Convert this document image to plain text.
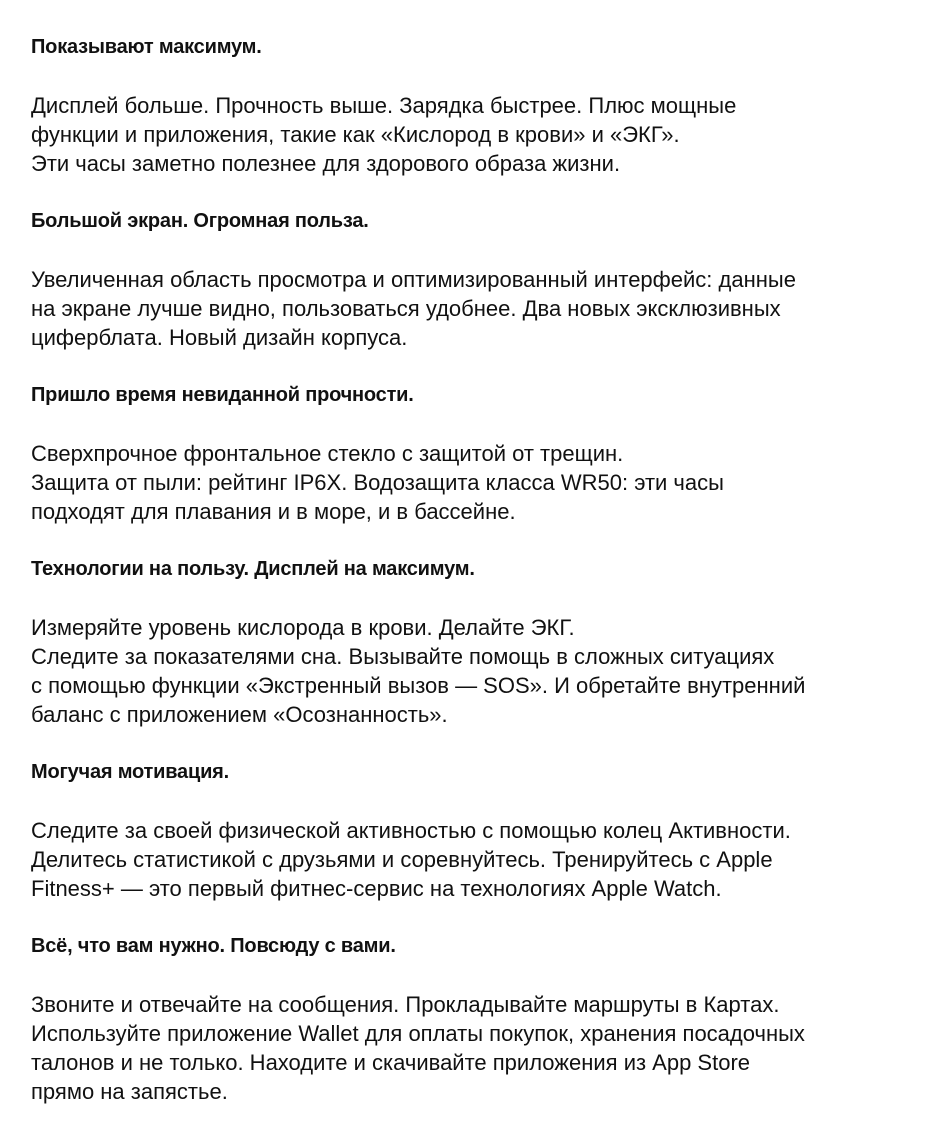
Показывают максимум.

Дисплей больше. Прочность выше. Зарядка быстрее. Плюс мощные
функции и приложения, такие как «Кислород в крови» и «ЭКГ».
Эти часы заметно полезнее для здорового образа жизни.

Большой экран. Огромная польза.

Увеличенная область просмотра и оптимизированный интерфейс: данные
на экране лучше видно, пользоваться удобнее. Два новых эксклюзивных
циферблата. Новый дизайн корпуса.

Пришло время невиданной прочности.

Сверхпрочное фронтальное стекло с защитой от трещин.
Защита от пыли: рейтинг IP6X. Водозащита класса WR50: эти часы
подходят для плавания и в море, и в бассейне.

Технологии на пользу. Дисплей на максимум.

Измеряйте уровень кислорода в крови. Делайте ЭКГ.
Следите за показателями сна. Вызывайте помощь в сложных ситуациях
с помощью функции «Экстренный вызов — SOS». И обретайте внутренний
баланс с приложением «Осознанность».

Могучая мотивация.

Следите за своей физической активностью с помощью колец Активности.
Делитесь статистикой с друзьями и соревнуйтесь. Тренируйтесь с Apple
Fitness+ — это первый фитнес-сервис на технологиях Apple Watch.

Всё, что вам нужно. Повсюду с вами.

Звоните и отвечайте на сообщения. Прокладывайте маршруты в Картах.
Используйте приложение Wallet для оплаты покупок, хранения посадочных
талонов и не только. Находите и скачивайте приложения из App Store
прямо на запястье.
